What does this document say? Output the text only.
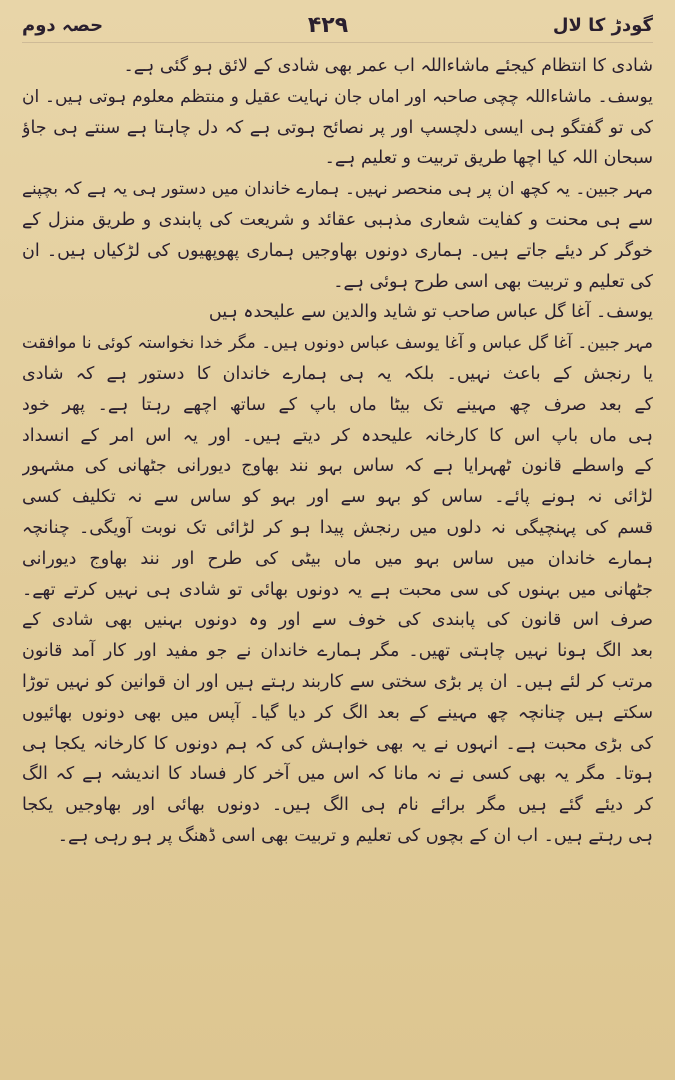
گودڑ کا لال
۴۲۹
حصہ دوم
شادی کا انتظام کیجئے ماشاءاللہ اب عمر بھی شادی کے لائق ہو گئی ہے۔
یوسف۔ ماشاءاللہ چچی صاحبہ اور اماں جان نہایت عقیل و منتظم معلوم ہوتی ہیں۔ ان
کی تو گفتگو ہی ایسی دلچسپ اور پر نصائح ہوتی ہے کہ دل چاہتا ہے سنتے ہی جاؤ
سبحان اللہ کیا اچھا طریق تربیت و تعلیم ہے۔
مہر جبین۔ یہ کچھ ان پر ہی منحصر نہیں۔ ہمارے خاندان میں دستور ہی یہ ہے کہ بچپنے
سے ہی محنت و کفایت شعاری مذہبی عقائد و شریعت کی پابندی و طریق منزل کے
خوگر کر دیئے جاتے ہیں۔ ہماری دونوں بھاوجیں ہماری پھوپھیوں کی لڑکیاں ہیں۔ ان
کی تعلیم و تربیت بھی اسی طرح ہوئی ہے۔
یوسف۔ آغا گل عباس صاحب تو شاید والدین سے علیحدہ ہیں
مہر جبین۔ آغا گل عباس و آغا یوسف عباس دونوں ہیں۔ مگر خدا نخواستہ کوئی نا موافقت
یا رنجش کے باعث نہیں۔ بلکہ یہ ہی ہمارے خاندان کا دستور ہے کہ شادی
کے بعد صرف چھ مہینے تک بیٹا ماں باپ کے ساتھ اچھے رہتا ہے۔ پھر خود
ہی ماں باپ اس کا کارخانہ علیحدہ کر دیتے ہیں۔ اور یہ اس امر کے انسداد
کے واسطے قانون ٹھہرایا ہے کہ ساس بہو نند بھاوج دیورانی جٹھانی کی مشہور
لڑائی نہ ہونے پائے۔ ساس کو بہو سے اور بہو کو ساس سے نہ تکلیف کسی
قسم کی پہنچیگی نہ دلوں میں رنجش پیدا ہو کر لڑائی تک نوبت آویگی۔ چنانچہ
ہمارے خاندان میں ساس بہو میں ماں بیٹی کی طرح اور نند بھاوج دیورانی
جٹھانی میں بہنوں کی سی محبت ہے یہ دونوں بھائی تو شادی ہی نہیں کرتے تھے۔
صرف اس قانون کی پابندی کی خوف سے اور وہ دونوں بہنیں بھی شادی کے
بعد الگ ہونا نہیں چاہتی تھیں۔ مگر ہمارے خاندان نے جو مفید اور کار آمد قانون
مرتب کر لئے ہیں۔ ان پر بڑی سختی سے کاربند رہتے ہیں اور ان قوانین کو نہیں توڑا
سکتے ہیں چنانچہ چھ مہینے کے بعد الگ کر دیا گیا۔ آپس میں بھی دونوں بھائیوں
کی بڑی محبت ہے۔ انہوں نے یہ بھی خواہش کی کہ ہم دونوں کا کارخانہ یکجا ہی
ہوتا۔ مگر یہ بھی کسی نے نہ مانا کہ اس میں آخر کار فساد کا اندیشہ ہے کہ الگ
کر دیئے گئے ہیں مگر برائے نام ہی الگ ہیں۔ دونوں بھائی اور بھاوجیں یکجا
ہی رہتے ہیں۔ اب ان کے بچوں کی تعلیم و تربیت بھی اسی ڈھنگ پر ہو رہی ہے۔
